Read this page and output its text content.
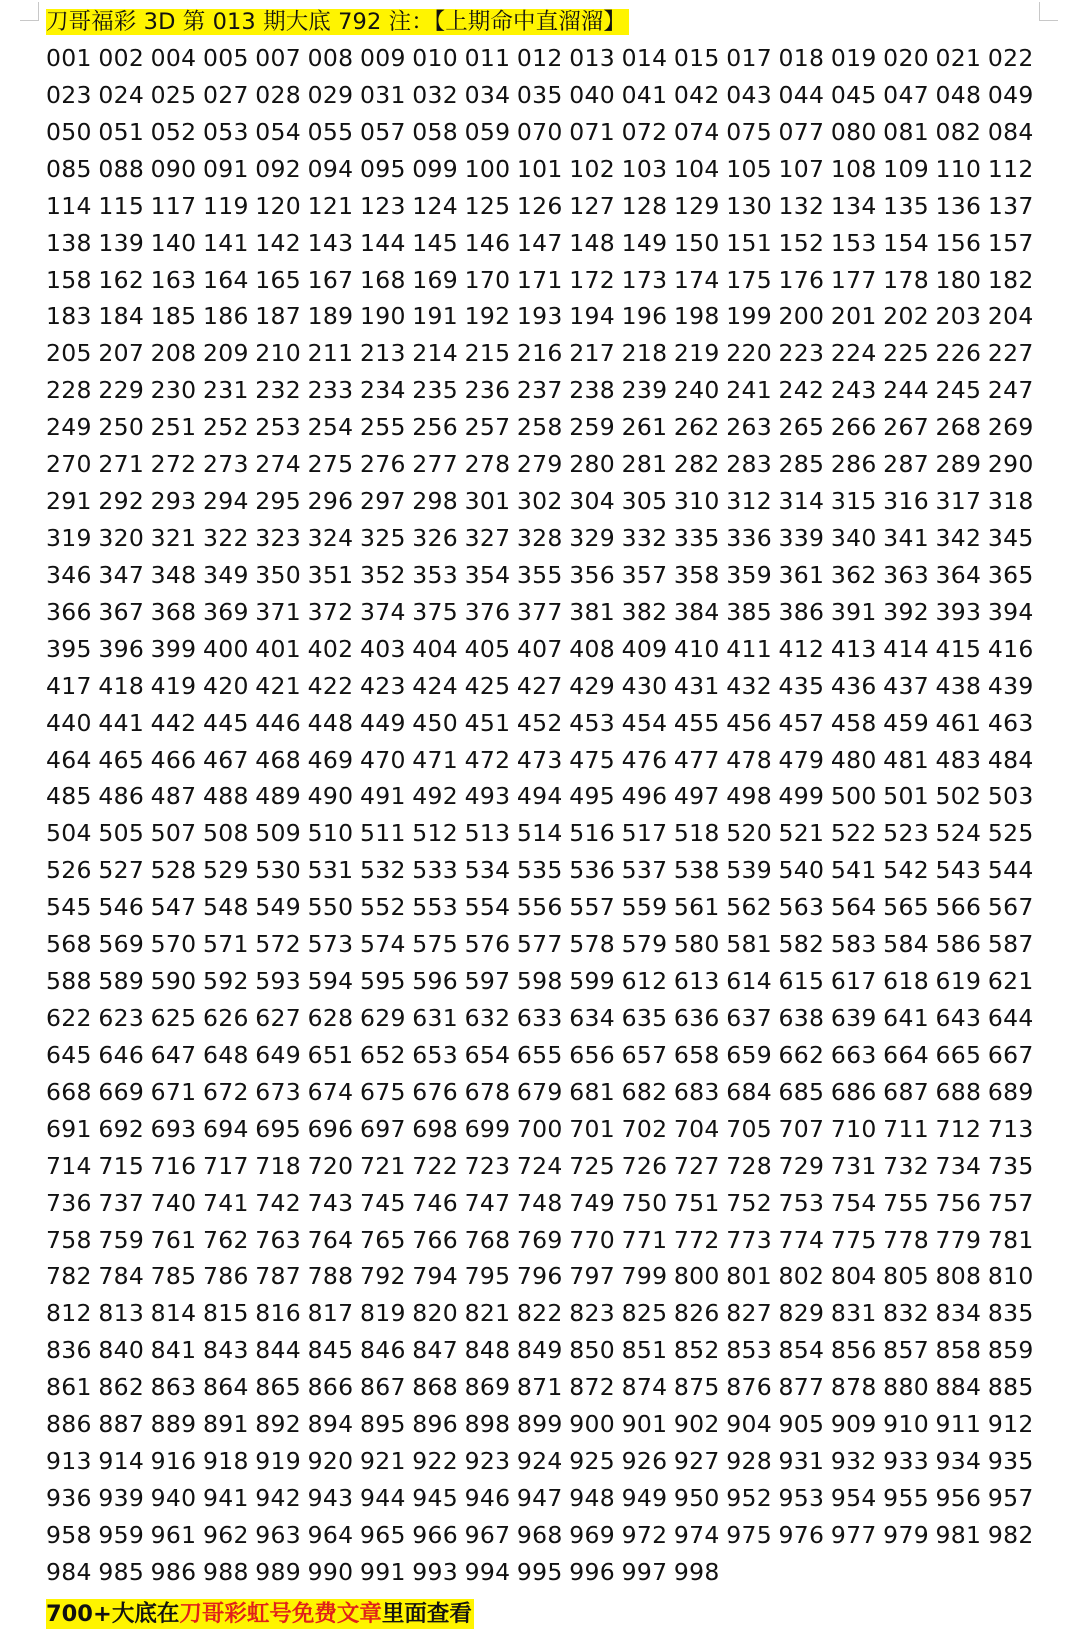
刀哥福彩 3D 第 013 期大底 792 注：【上期命中直溜溜】
001 002 004 005 007 008 009 010 011 012 013 014 015 017 018 019 020 021 022
023 024 025 027 028 029 031 032 034 035 040 041 042 043 044 045 047 048 049
050 051 052 053 054 055 057 058 059 070 071 072 074 075 077 080 081 082 084
085 088 090 091 092 094 095 099 100 101 102 103 104 105 107 108 109 110 112
114 115 117 119 120 121 123 124 125 126 127 128 129 130 132 134 135 136 137
138 139 140 141 142 143 144 145 146 147 148 149 150 151 152 153 154 156 157
158 162 163 164 165 167 168 169 170 171 172 173 174 175 176 177 178 180 182
183 184 185 186 187 189 190 191 192 193 194 196 198 199 200 201 202 203 204
205 207 208 209 210 211 213 214 215 216 217 218 219 220 223 224 225 226 227
228 229 230 231 232 233 234 235 236 237 238 239 240 241 242 243 244 245 247
249 250 251 252 253 254 255 256 257 258 259 261 262 263 265 266 267 268 269
270 271 272 273 274 275 276 277 278 279 280 281 282 283 285 286 287 289 290
291 292 293 294 295 296 297 298 301 302 304 305 310 312 314 315 316 317 318
319 320 321 322 323 324 325 326 327 328 329 332 335 336 339 340 341 342 345
346 347 348 349 350 351 352 353 354 355 356 357 358 359 361 362 363 364 365
366 367 368 369 371 372 374 375 376 377 381 382 384 385 386 391 392 393 394
395 396 399 400 401 402 403 404 405 407 408 409 410 411 412 413 414 415 416
417 418 419 420 421 422 423 424 425 427 429 430 431 432 435 436 437 438 439
440 441 442 445 446 448 449 450 451 452 453 454 455 456 457 458 459 461 463
464 465 466 467 468 469 470 471 472 473 475 476 477 478 479 480 481 483 484
485 486 487 488 489 490 491 492 493 494 495 496 497 498 499 500 501 502 503
504 505 507 508 509 510 511 512 513 514 516 517 518 520 521 522 523 524 525
526 527 528 529 530 531 532 533 534 535 536 537 538 539 540 541 542 543 544
545 546 547 548 549 550 552 553 554 556 557 559 561 562 563 564 565 566 567
568 569 570 571 572 573 574 575 576 577 578 579 580 581 582 583 584 586 587
588 589 590 592 593 594 595 596 597 598 599 612 613 614 615 617 618 619 621
622 623 625 626 627 628 629 631 632 633 634 635 636 637 638 639 641 643 644
645 646 647 648 649 651 652 653 654 655 656 657 658 659 662 663 664 665 667
668 669 671 672 673 674 675 676 678 679 681 682 683 684 685 686 687 688 689
691 692 693 694 695 696 697 698 699 700 701 702 704 705 707 710 711 712 713
714 715 716 717 718 720 721 722 723 724 725 726 727 728 729 731 732 734 735
736 737 740 741 742 743 745 746 747 748 749 750 751 752 753 754 755 756 757
758 759 761 762 763 764 765 766 768 769 770 771 772 773 774 775 778 779 781
782 784 785 786 787 788 792 794 795 796 797 799 800 801 802 804 805 808 810
812 813 814 815 816 817 819 820 821 822 823 825 826 827 829 831 832 834 835
836 840 841 843 844 845 846 847 848 849 850 851 852 853 854 856 857 858 859
861 862 863 864 865 866 867 868 869 871 872 874 875 876 877 878 880 884 885
886 887 889 891 892 894 895 896 898 899 900 901 902 904 905 909 910 911 912
913 914 916 918 919 920 921 922 923 924 925 926 927 928 931 932 933 934 935
936 939 940 941 942 943 944 945 946 947 948 949 950 952 953 954 955 956 957
958 959 961 962 963 964 965 966 967 968 969 972 974 975 976 977 979 981 982
984 985 986 988 989 990 991 993 994 995 996 997 998
700+大底在刀哥彩虹号免费文章里面查看
